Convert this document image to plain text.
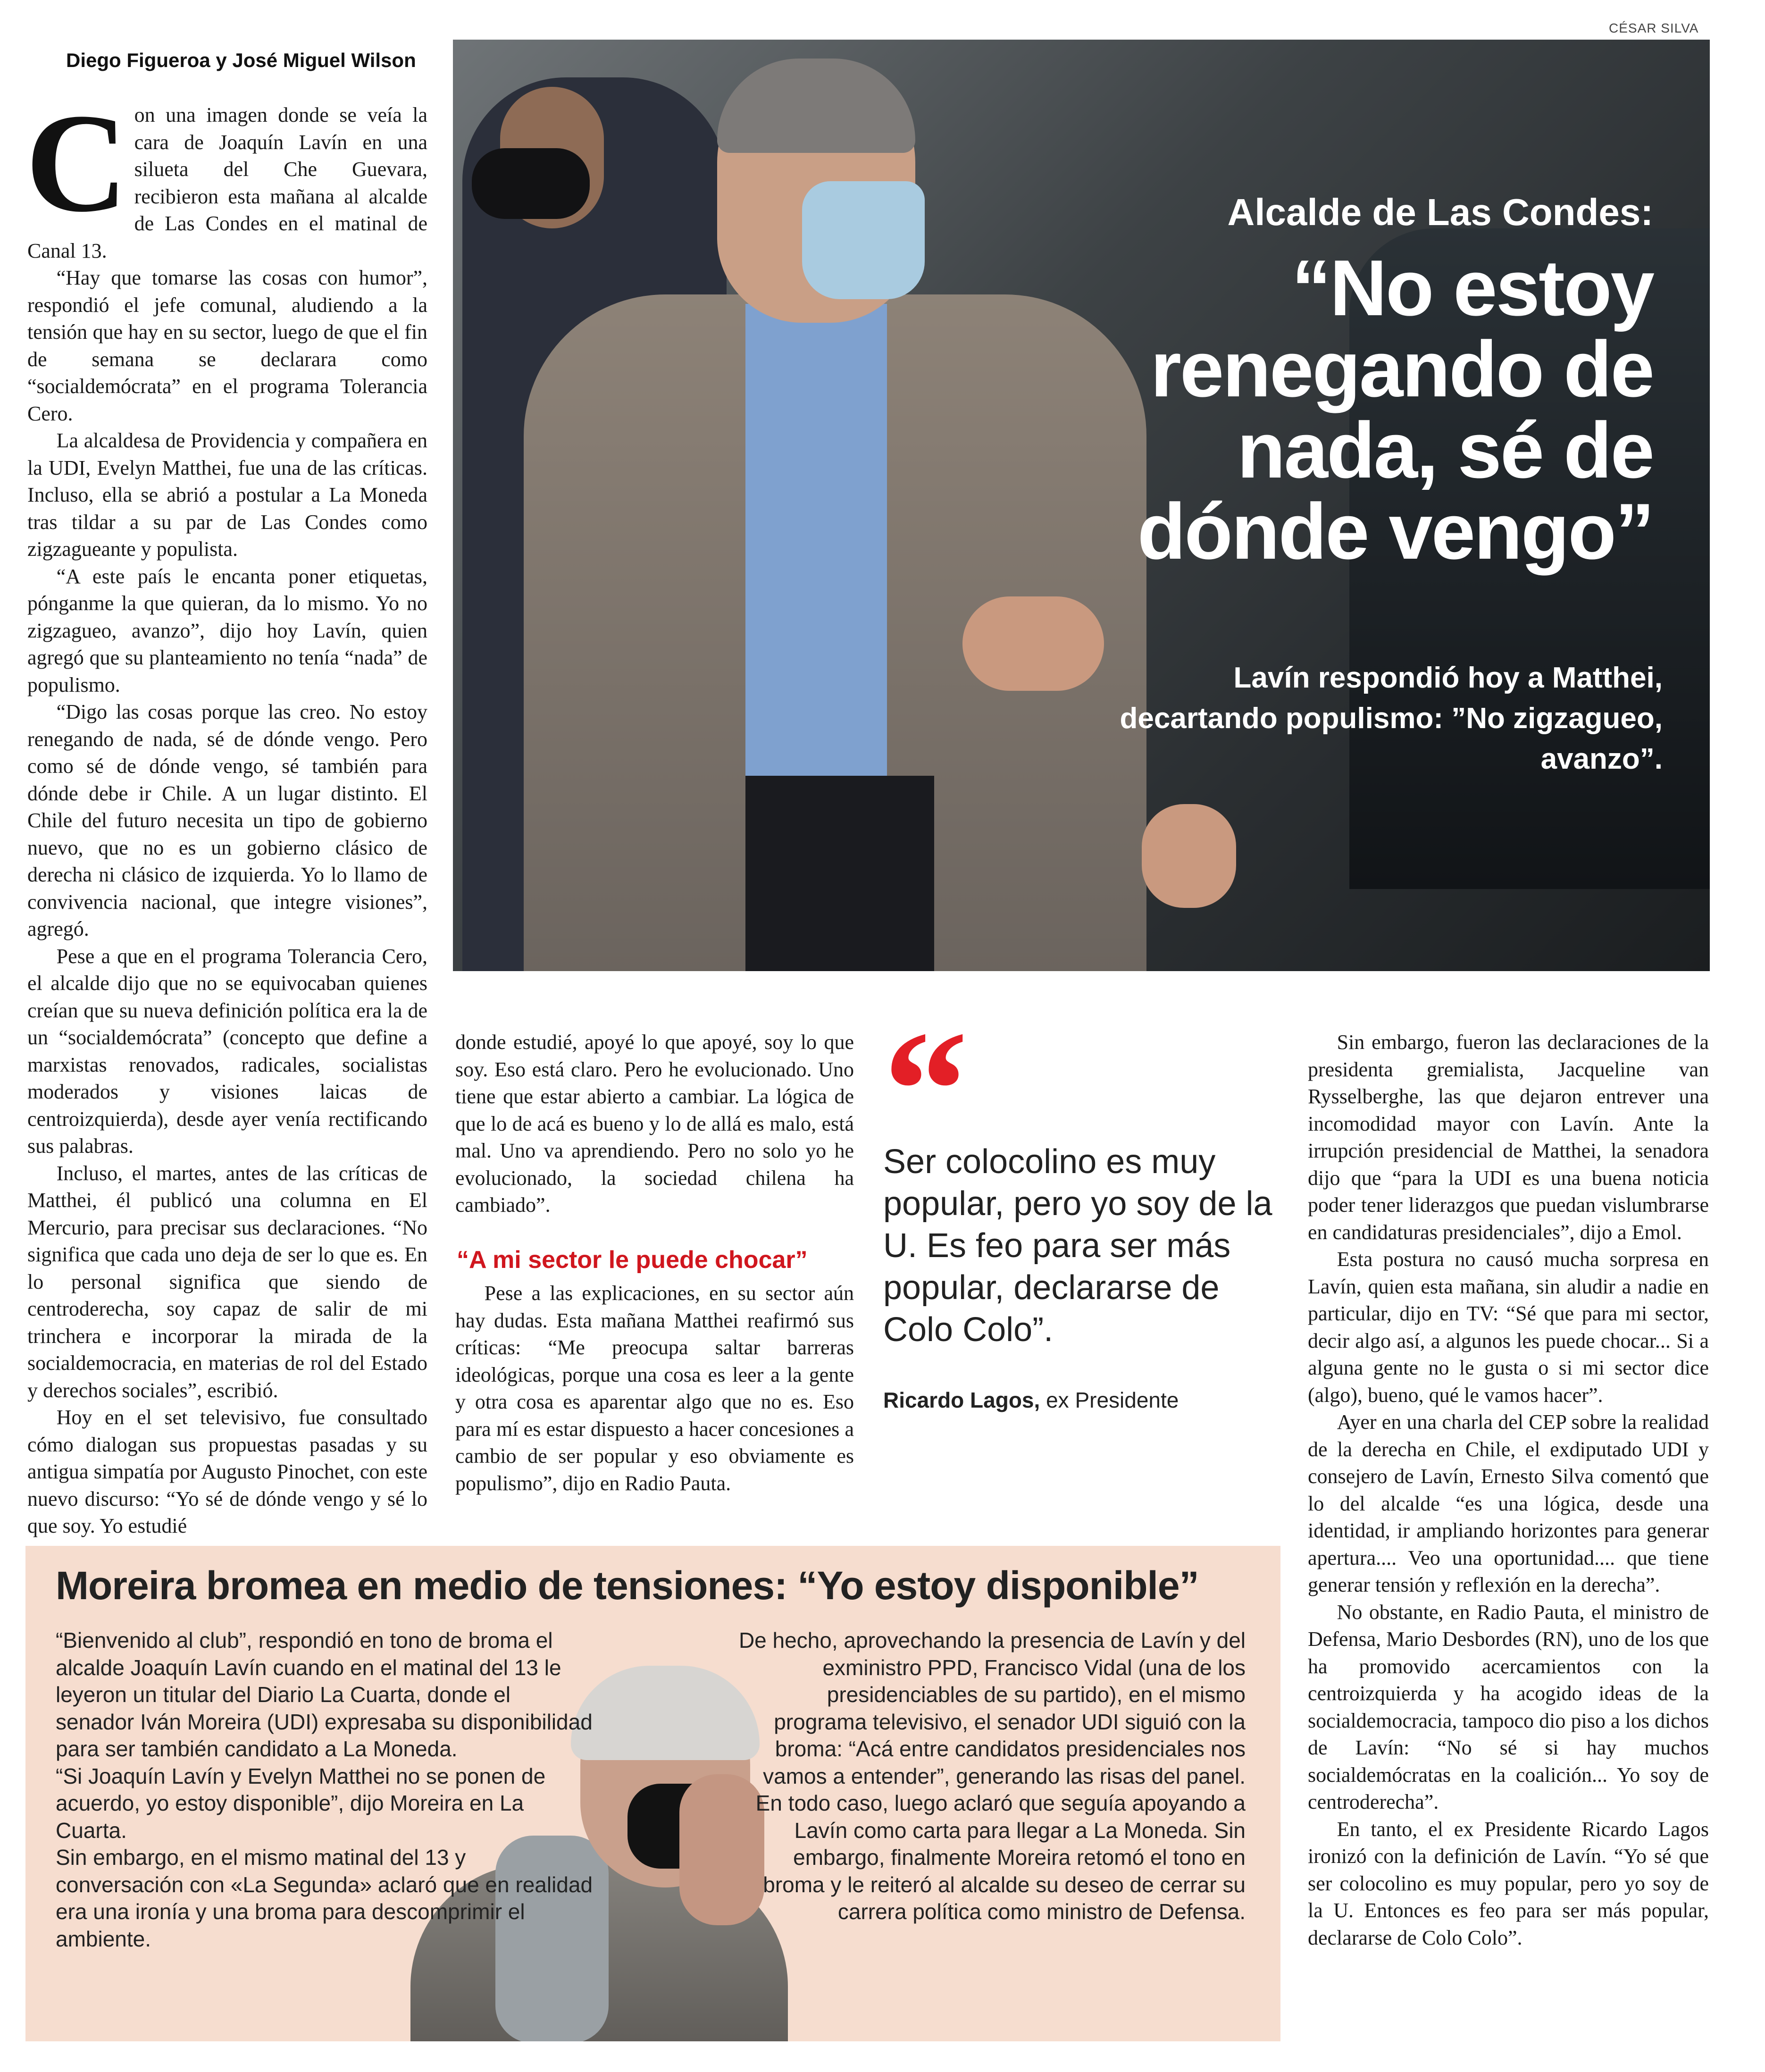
Diego Figueroa y José Miguel Wilson
CÉSAR SILVA
Alcalde de Las Condes:
“No estoy renegando de nada, sé de dónde vengo”
Lavín respondió hoy a Matthei, decartando populismo: ”No zigzagueo, avanzo”.
C on una imagen donde se veía la cara de Joaquín Lavín en una silueta del Che Guevara, recibieron esta mañana al alcalde de Las Condes en el matinal de Canal 13.

“Hay que tomarse las cosas con humor”, respondió el jefe comunal, aludiendo a la tensión que hay en su sector, luego de que el fin de semana se declarara como “socialdemócrata” en el programa Tolerancia Cero.

La alcaldesa de Providencia y compañera en la UDI, Evelyn Matthei, fue una de las críticas. Incluso, ella se abrió a postular a La Moneda tras tildar a su par de Las Condes como zigzagueante y populista.

“A este país le encanta poner etiquetas, pónganme la que quieran, da lo mismo. Yo no zigzagueo, avanzo”, dijo hoy Lavín, quien agregó que su planteamiento no tenía “nada” de populismo.

“Digo las cosas porque las creo. No estoy renegando de nada, sé de dónde vengo. Pero como sé de dónde vengo, sé también para dónde debe ir Chile. A un lugar distinto. El Chile del futuro necesita un tipo de gobierno nuevo, que no es un gobierno clásico de derecha ni clásico de izquierda. Yo lo llamo de convivencia nacional, que integre visiones”, agregó.

Pese a que en el programa Tolerancia Cero, el alcalde dijo que no se equivocaban quienes creían que su nueva definición política era la de un “socialdemócrata” (concepto que define a marxistas renovados, radicales, socialistas moderados y visiones laicas de centroizquierda), desde ayer venía rectificando sus palabras.

Incluso, el martes, antes de las críticas de Matthei, él publicó una columna en El Mercurio, para precisar sus declaraciones. “No significa que cada uno deja de ser lo que es. En lo personal significa que siendo de centroderecha, soy capaz de salir de mi trinchera e incorporar la mirada de la socialdemocracia, en materias de rol del Estado y derechos sociales”, escribió.

Hoy en el set televisivo, fue consultado cómo dialogan sus propuestas pasadas y su antigua simpatía por Augusto Pinochet, con este nuevo discurso: “Yo sé de dónde vengo y sé lo que soy. Yo estudié

donde estudié, apoyé lo que apoyé, soy lo que soy. Eso está claro. Pero he evolucionado. Uno tiene que estar abierto a cambiar. La lógica de que lo de acá es bueno y lo de allá es malo, está mal. Uno va aprendiendo. Pero no solo yo he evolucionado, la sociedad chilena ha cambiado”.

“A mi sector le puede chocar”

Pese a las explicaciones, en su sector aún hay dudas. Esta mañana Matthei reafirmó sus críticas: “Me preocupa saltar barreras ideológicas, porque una cosa es leer a la gente y otra cosa es aparentar algo que no es. Eso para mí es estar dispuesto a hacer concesiones a cambio de ser popular y eso obviamente es populismo”, dijo en Radio Pauta.

“
Ser colocolino es muy popular, pero yo soy de la U. Es feo para ser más popular, declararse de Colo Colo”.
Ricardo Lagos, ex Presidente

Sin embargo, fueron las declaraciones de la presidenta gremialista, Jacqueline van Rysselberghe, las que dejaron entrever una incomodidad mayor con Lavín. Ante la irrupción presidencial de Matthei, la senadora dijo que “para la UDI es una buena noticia poder tener liderazgos que puedan vislumbrarse en candidaturas presidenciales”, dijo a Emol.

Esta postura no causó mucha sorpresa en Lavín, quien esta mañana, sin aludir a nadie en particular, dijo en TV: “Sé que para mi sector, decir algo así, a algunos les puede chocar... Si a alguna gente no le gusta o si mi sector dice (algo), bueno, qué le vamos hacer”.

Ayer en una charla del CEP sobre la realidad de la derecha en Chile, el exdiputado UDI y consejero de Lavín, Ernesto Silva comentó que lo del alcalde “es una lógica, desde una identidad, ir ampliando horizontes para generar apertura.... Veo una oportunidad.... que tiene generar tensión y reflexión en la derecha”.

No obstante, en Radio Pauta, el ministro de Defensa, Mario Desbordes (RN), uno de los que ha promovido acercamientos con la centroizquierda y ha acogido ideas de la socialdemocracia, tampoco dio piso a los dichos de Lavín: “No sé si hay muchos socialdemócratas en la coalición... Yo soy de centroderecha”.

En tanto, el ex Presidente Ricardo Lagos ironizó con la definición de Lavín. “Yo sé que ser colocolino es muy popular, pero yo soy de la U. Entonces es feo para ser más popular, declararse de Colo Colo”.

Moreira bromea en medio de tensiones: “Yo estoy disponible”

“Bienvenido al club”, respondió en tono de broma el alcalde Joaquín Lavín cuando en el matinal del 13 le leyeron un titular del Diario La Cuarta, donde el senador Iván Moreira (UDI) expresaba su disponibilidad para ser también candidato a La Moneda.

“Si Joaquín Lavín y Evelyn Matthei no se ponen de acuerdo, yo estoy disponible”, dijo Moreira en La Cuarta.

Sin embargo, en el mismo matinal del 13 y conversación con «La Segunda» aclaró que en realidad era una ironía y una broma para descomprimir el ambiente.

De hecho, aprovechando la presencia de Lavín y del exministro PPD, Francisco Vidal (una de los presidenciables de su partido), en el mismo programa televisivo, el senador UDI siguió con la broma: “Acá entre candidatos presidenciales nos vamos a entender”, generando las risas del panel.

En todo caso, luego aclaró que seguía apoyando a Lavín como carta para llegar a La Moneda. Sin embargo, finalmente Moreira retomó el tono en broma y le reiteró al alcalde su deseo de cerrar su carrera política como ministro de Defensa.
